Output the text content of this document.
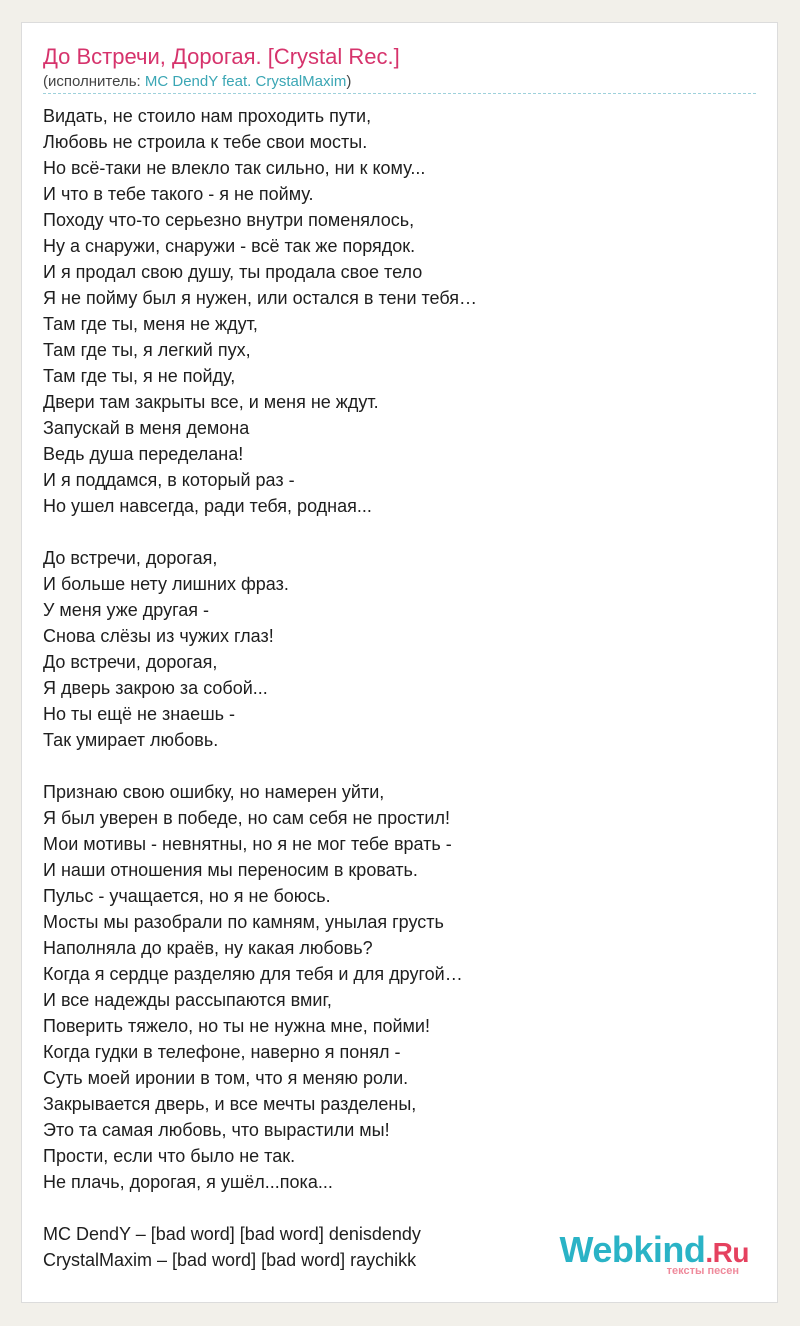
До Встречи, Дорогая. [Crystal Rec.]
(исполнитель: MC DendY feat. CrystalMaxim)
Видать, не стоило нам проходить пути,
Любовь не строила к тебе свои мосты.
Но всё-таки не влекло так сильно, ни к кому...
И что в тебе такого - я не пойму.
Походу что-то серьезно внутри поменялось,
Ну а снаружи, снаружи - всё так же порядок.
И я продал свою душу, ты продала свое тело
Я не пойму был я нужен, или остался в тени тебя…
Там где ты, меня не ждут,
Там где ты, я легкий пух,
Там где ты, я не пойду,
Двери там закрыты все, и меня не ждут.
Запускай в меня демона
Ведь душа переделана!
И я поддамся, в который раз -
Но ушел навсегда, ради тебя, родная...
До встречи, дорогая,
И больше нету лишних фраз.
У меня уже другая -
Снова слёзы из чужих глаз!
До встречи, дорогая,
Я дверь закрою за собой...
Но ты ещё не знаешь -
Так умирает любовь.
Признаю свою ошибку, но намерен уйти,
Я был уверен в победе, но сам себя не простил!
Мои мотивы - невнятны, но я не мог тебе врать -
И наши отношения мы переносим в кровать.
Пульс - учащается, но я не боюсь.
Мосты мы разобрали по камням, унылая грусть
Наполняла до краёв, ну какая любовь?
Когда я сердце разделяю для тебя и для другой…
И все надежды рассыпаются вмиг,
Поверить тяжело, но ты не нужна мне, пойми!
Когда гудки в телефоне, наверно я понял -
Суть моей иронии в том, что я меняю роли.
Закрывается дверь, и все мечты разделены,
Это та самая любовь, что вырастили мы!
Прости, если что было не так.
Не плачь, дорогая, я ушёл...пока...
MC DendY – [bad word] [bad word] denisdendy
CrystalMaxim – [bad word] [bad word] raychikk	Webkind.Ru
тексты песен
